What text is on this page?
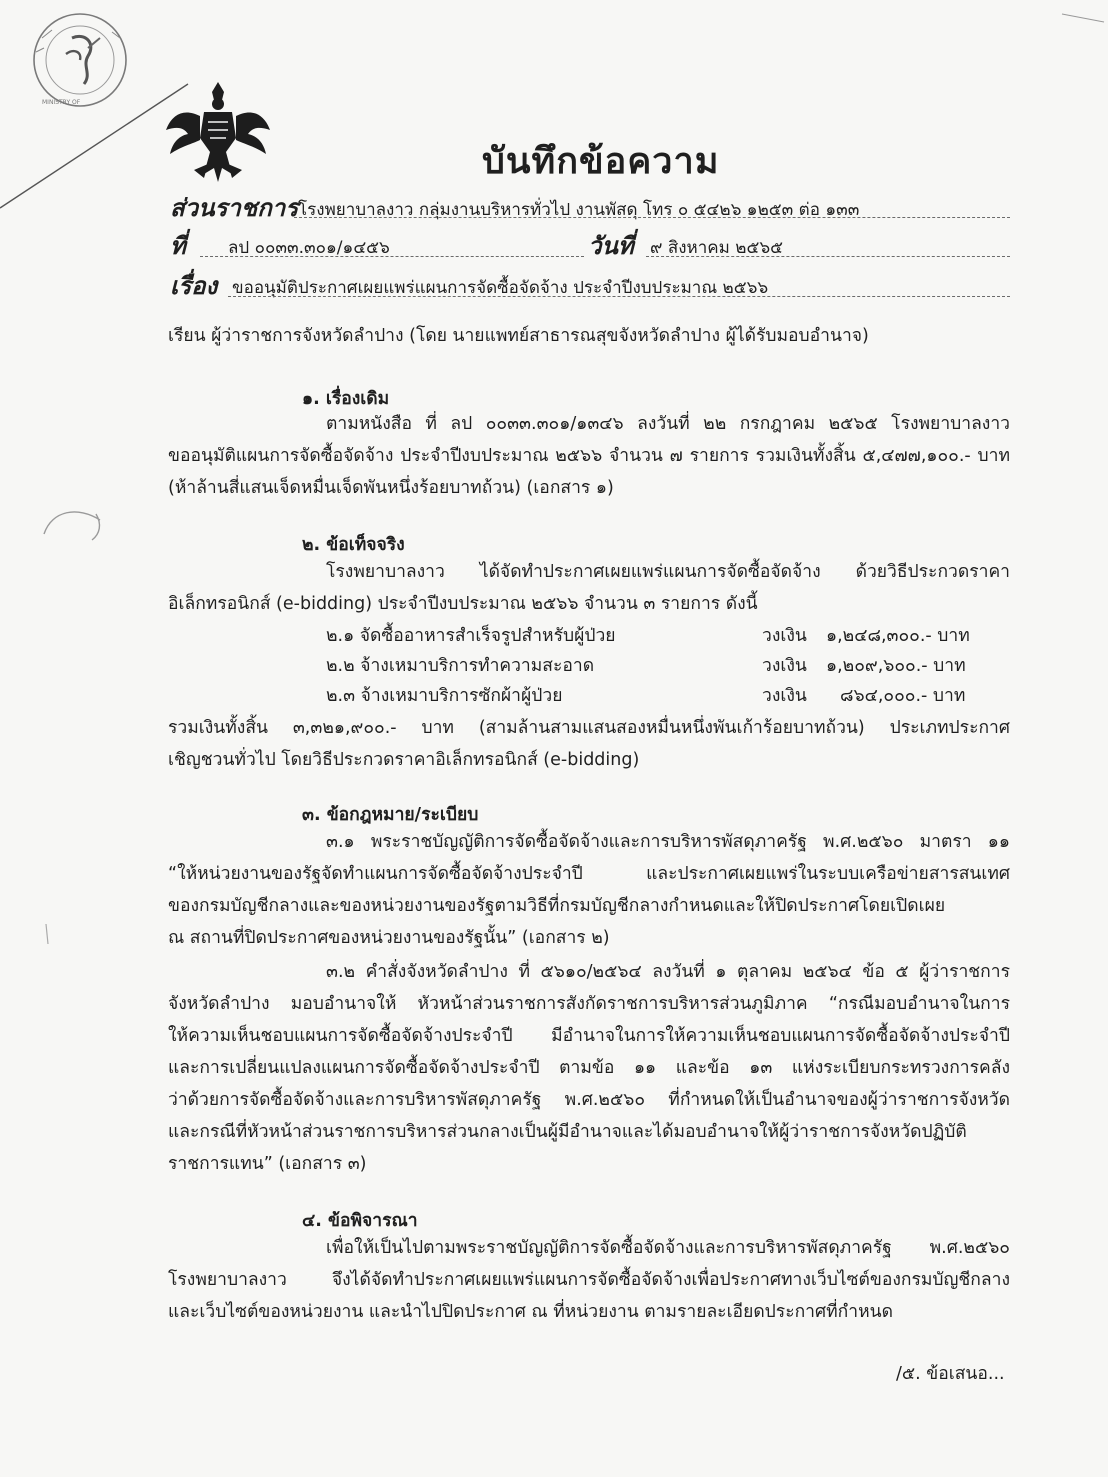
MINISTRY OF
บันทึกข้อความ
ส่วนราชการ โรงพยาบาลงาว กลุ่มงานบริหารทั่วไป งานพัสดุ โทร ๐ ๕๔๒๖ ๑๒๕๓ ต่อ ๑๓๓
ที่ ลป ๐๐๓๓.๓๐๑/๑๔๕๖	วันที่ ๙ สิงหาคม ๒๕๖๕
เรื่อง ขออนุมัติประกาศเผยแพร่แผนการจัดซื้อจัดจ้าง ประจำปีงบประมาณ ๒๕๖๖
เรียน ผู้ว่าราชการจังหวัดลำปาง (โดย นายแพทย์สาธารณสุขจังหวัดลำปาง ผู้ได้รับมอบอำนาจ)
๑. เรื่องเดิม
ตามหนังสือ ที่ ลป ๐๐๓๓.๓๐๑/๑๓๔๖ ลงวันที่ ๒๒ กรกฎาคม ๒๕๖๕ โรงพยาบาลงาว
ขออนุมัติแผนการจัดซื้อจัดจ้าง ประจำปีงบประมาณ ๒๕๖๖ จำนวน ๗ รายการ รวมเงินทั้งสิ้น ๕,๔๗๗,๑๐๐.- บาท
(ห้าล้านสี่แสนเจ็ดหมื่นเจ็ดพันหนึ่งร้อยบาทถ้วน) (เอกสาร ๑)
๒. ข้อเท็จจริง
โรงพยาบาลงาว ได้จัดทำประกาศเผยแพร่แผนการจัดซื้อจัดจ้าง ด้วยวิธีประกวดราคา
อิเล็กทรอนิกส์ (e-bidding) ประจำปีงบประมาณ ๒๕๖๖ จำนวน ๓ รายการ ดังนี้
๒.๑ จัดซื้ออาหารสำเร็จรูปสำหรับผู้ป่วย	วงเงิน ๑,๒๔๘,๓๐๐.- บาท
๒.๒ จ้างเหมาบริการทำความสะอาด	วงเงิน ๑,๒๐๙,๖๐๐.- บาท
๒.๓ จ้างเหมาบริการซักผ้าผู้ป่วย	วงเงิน ๘๖๔,๐๐๐.- บาท
รวมเงินทั้งสิ้น ๓,๓๒๑,๙๐๐.- บาท (สามล้านสามแสนสองหมื่นหนึ่งพันเก้าร้อยบาทถ้วน) ประเภทประกาศ
เชิญชวนทั่วไป โดยวิธีประกวดราคาอิเล็กทรอนิกส์ (e-bidding)
๓. ข้อกฎหมาย/ระเบียบ
๓.๑ พระราชบัญญัติการจัดซื้อจัดจ้างและการบริหารพัสดุภาครัฐ พ.ศ.๒๕๖๐ มาตรา ๑๑
“ให้หน่วยงานของรัฐจัดทำแผนการจัดซื้อจัดจ้างประจำปี และประกาศเผยแพร่ในระบบเครือข่ายสารสนเทศ
ของกรมบัญชีกลางและของหน่วยงานของรัฐตามวิธีที่กรมบัญชีกลางกำหนดและให้ปิดประกาศโดยเปิดเผย
ณ สถานที่ปิดประกาศของหน่วยงานของรัฐนั้น” (เอกสาร ๒)
๓.๒ คำสั่งจังหวัดลำปาง ที่ ๕๖๑๐/๒๕๖๔ ลงวันที่ ๑ ตุลาคม ๒๕๖๔ ข้อ ๕ ผู้ว่าราชการ
จังหวัดลำปาง มอบอำนาจให้ หัวหน้าส่วนราชการสังกัดราชการบริหารส่วนภูมิภาค “กรณีมอบอำนาจในการ
ให้ความเห็นชอบแผนการจัดซื้อจัดจ้างประจำปี มีอำนาจในการให้ความเห็นชอบแผนการจัดซื้อจัดจ้างประจำปี
และการเปลี่ยนแปลงแผนการจัดซื้อจัดจ้างประจำปี ตามข้อ ๑๑ และข้อ ๑๓ แห่งระเบียบกระทรวงการคลัง
ว่าด้วยการจัดซื้อจัดจ้างและการบริหารพัสดุภาครัฐ พ.ศ.๒๕๖๐ ที่กำหนดให้เป็นอำนาจของผู้ว่าราชการจังหวัด
และกรณีที่หัวหน้าส่วนราชการบริหารส่วนกลางเป็นผู้มีอำนาจและได้มอบอำนาจให้ผู้ว่าราชการจังหวัดปฏิบัติ
ราชการแทน” (เอกสาร ๓)
๔. ข้อพิจารณา
เพื่อให้เป็นไปตามพระราชบัญญัติการจัดซื้อจัดจ้างและการบริหารพัสดุภาครัฐ พ.ศ.๒๕๖๐
โรงพยาบาลงาว จึงได้จัดทำประกาศเผยแพร่แผนการจัดซื้อจัดจ้างเพื่อประกาศทางเว็บไซต์ของกรมบัญชีกลาง
และเว็บไซต์ของหน่วยงาน และนำไปปิดประกาศ ณ ที่หน่วยงาน ตามรายละเอียดประกาศที่กำหนด
/๕. ข้อเสนอ...
